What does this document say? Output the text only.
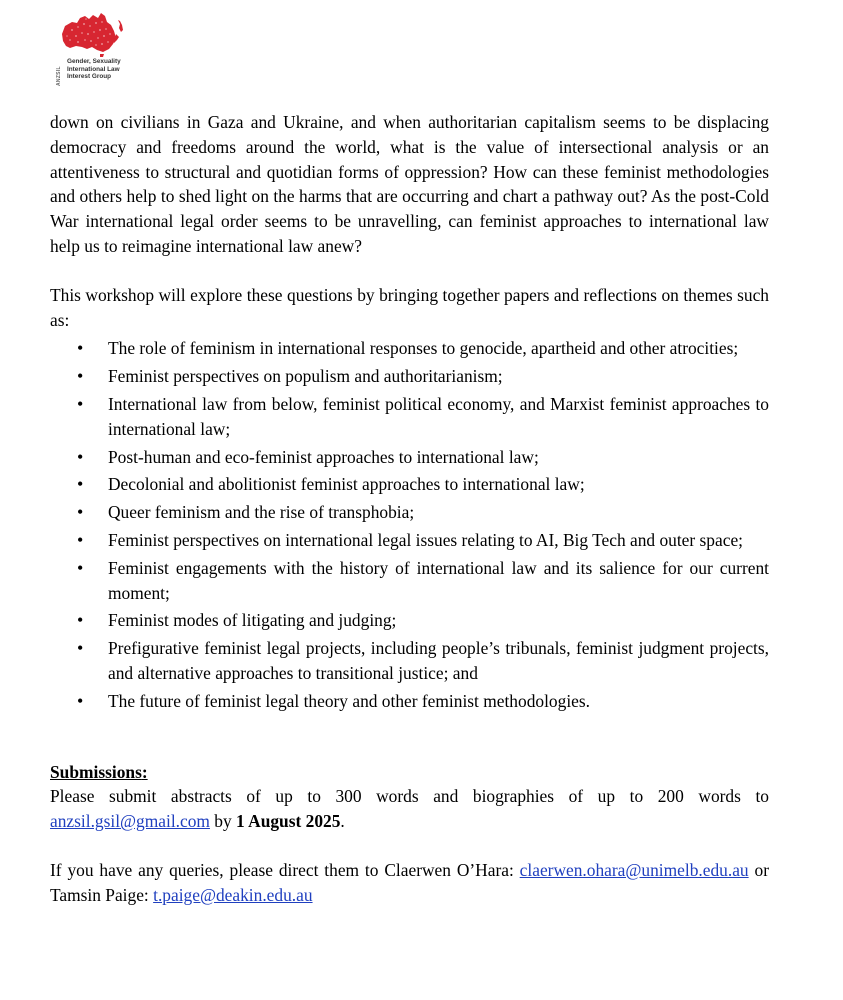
ANZSIL
Gender, Sexuality
International Law
Interest Group

down on civilians in Gaza and Ukraine, and when authoritarian capitalism seems to be displacing democracy and freedoms around the world, what is the value of intersectional analysis or an attentiveness to structural and quotidian forms of oppression? How can these feminist methodologies and others help to shed light on the harms that are occurring and chart a pathway out? As the post-Cold War international legal order seems to be unravelling, can feminist approaches to international law help us to reimagine international law anew?

This workshop will explore these questions by bringing together papers and reflections on themes such as:

• The role of feminism in international responses to genocide, apartheid and other atrocities;
• Feminist perspectives on populism and authoritarianism;
• International law from below, feminist political economy, and Marxist feminist approaches to international law;
• Post-human and eco-feminist approaches to international law;
• Decolonial and abolitionist feminist approaches to international law;
• Queer feminism and the rise of transphobia;
• Feminist perspectives on international legal issues relating to AI, Big Tech and outer space;
• Feminist engagements with the history of international law and its salience for our current moment;
• Feminist modes of litigating and judging;
• Prefigurative feminist legal projects, including people’s tribunals, feminist judgment projects, and alternative approaches to transitional justice; and
• The future of feminist legal theory and other feminist methodologies.

Submissions:

Please submit abstracts of up to 300 words and biographies of up to 200 words to anzsil.gsil@gmail.com by 1 August 2025.

If you have any queries, please direct them to Claerwen O’Hara: claerwen.ohara@unimelb.edu.au or Tamsin Paige: t.paige@deakin.edu.au
